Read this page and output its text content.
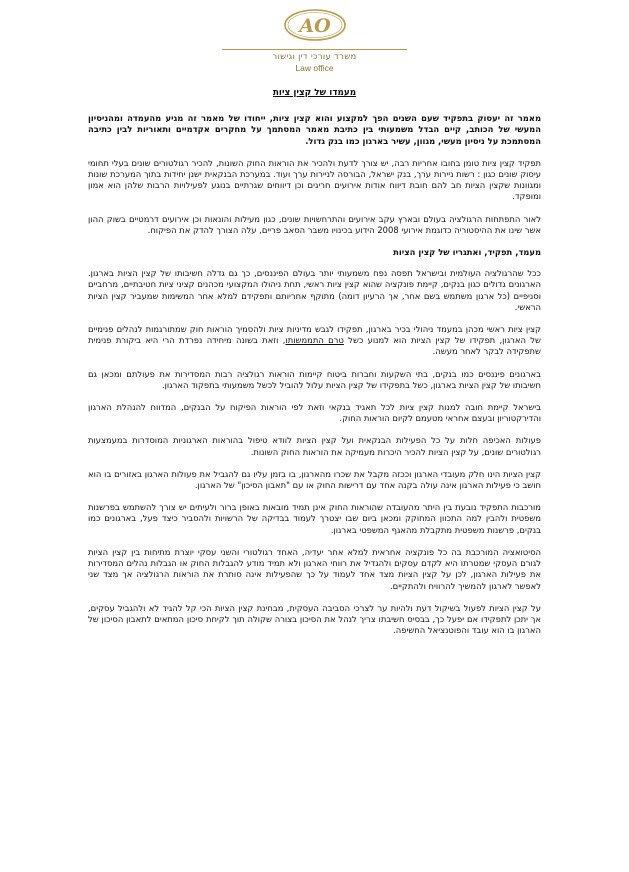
AO
משרד עורכי דין וגישור
Law office
מעמדו של קצין ציות

מאמר זה יעסוק בתפקיד שעם השנים הפך למקצוע והוא קצין ציות, ייחודו של מאמר זה מגיע מהעמדה ומהניסיון המעשי של הכותב, קיים הבדל משמעותי בין כתיבת מאמר המסתמך על מחקרים אקדמיים ותאוריות לבין כתיבה המסתמכת על ניסיון מעשי, מגוון, עשיר בארגון כמו בנק גדול.

תפקיד קצין ציות טומן בחובו אחריות רבה, יש צורך לדעת ולהכיר את הוראות החוק השונות, להכיר רגולטורים שונים בעלי תחומי עיסוק שונים כגון : רשות ניירות ערך, בנק ישראל, הבורסה לניירות ערך ועוד. במערכת הבנקאית ישנן יחידות בתוך המערכת שונות ומגוונות שקצין הציות חב להם חובת דיווח אודות אירועים חריגים וכן דיווחים שגרתיים בנוגע לפעילויות הרבות שלהן הוא אמון ומופקד.

לאור התפתחות הרגולציה בעולם ובארץ עקב אירועים והתרחשויות שונים, כגון מעילות והונאות וכן אירועים דרמטיים בשוק ההון אשר שינו את ההיסטוריה כדוגמת אירועי 2008 הידוע בכינויו משבר הסאב פריים, עלה הצורך להדק את הפיקוח.

מעמד, תפקיד, ואתגריו של קצין הציות

ככל שהרגולציה העולמית ובישראל תפסה נפח משמעותי יותר בעולם הפיננסים, כך גם גדלה חשיבותו של קצין הציות בארגון. הארגונים גדולים כגון בנקים, קיימת פונקציה שהוא קצין ציות ראשי, תחת ניהולו המקצועי מכהנים קציני ציות חטיבתיים, מרחביים וסניפיים (כל ארגון משתמש בשם אחר, אך הרעיון דומה) מתוקף אחריותם ותפקידם למלא אחר המשימות שמעביר קצין הציות הראשי.

קצין ציות ראשי מכהן במעמד ניהולי בכיר בארגון, תפקידו לגבש מדיניות ציות ולהסמיך הוראות חוק שמתורגמות לנהלים פנימיים של הארגון, תפקידו של קצין הציות הוא למנוע כשל טרם התממשותו, וזאת בשונה מיחידה נפרדת הרי היא ביקורת פנימית שתפקידה לבקר לאחר מעשה.

בארגונים פיננסים כמו בנקים, בתי השקעות וחברות ביטוח קיימות הוראות רגולציה רבות המסדירות את פעולתם ומכאן גם חשיבותו של קצין הציות בארגון, כשל בתפקידו של קצין הציות עלול להוביל לכשל משמעותי בתפקוד הארגון.

בישראל קיימת חובה למנות קצין ציות לכל תאגיד בנקאי וזאת לפי הוראות הפיקוח על הבנקים, המדווח להנהלת הארגון והדירקטוריון ובעצם אחראי מטעמם לקיום הוראות החוק.

פעולות האכיפה חלות על כל הפעילות הבנקאית ועל קצין הציות לוודא טיפול בהוראות הארגוניות המוסדרות במעמצעות רגולטורים שונים, על קצין הציות להכיר היכרות מעמיקה את הוראות החוק השונות.

קצין הציות הינו חלק מעובדי הארגון וככזה מקבל את שכרו מהארגון, בו בזמן עליו גם להגביל את פעולות הארגון באזורים בו הוא חושב כי פעילות הארגון אינה עולה בקנה אחד עם דרישות החוק או עם "תאבון הסיכון" של הארגון.

מורכבות התפקיד נובעת בין היתר מהעובדה שהוראות החוק אינן תמיד מובאות באופן ברור ולעיתים יש צורך להשתמש בפרשנות משפטית ולהבין למה התכוון המחוקק ומכאן ביום שבו יצטרך לעמוד בבדיקה של הרשויות ולהסביר כיצד פעל, בארגונים כמו בנקים, פרשנות משפטית מתקבלת מהאגף המשפטי בארגון.

הסיטואציה המורכבת בה כל פונקציה אחראית למלא אחר יעדיה, האחד רגולטורי והשני עסקי יוצרת מתיחות בין קצין הציות לגורם העסקי שמטרתו היא לקדם עסקים ולהגדיל את רווחי הארגון ולא תמיד מודע להגבלות החוק או הגבלות נהלים המסדירות את פעילות הארגון, לכן על קצין הציות מצד אחד לעמוד על כך שהפעילות אינה סותרת את הוראות הרגולציה אך מצד שני לאפשר לארגון להמשיך להרוויח ולהתקיים.

על קצין הציות לפעול בשיקול דעת ולהיות ער לצרכי הסביבה העסקית, מבחינת קצין הציות הכי קל להגיד לא ולהגביל עסקים, אך יתכן לתפקידו אם יפעל כך, בבסיס חשיבתו צריך לנהל את הסיכון בצורה שקולה תוך לקיחת סיכון המתאים לתאבון הסיכון של הארגון בו הוא עובד והפוטנציאל החשיפה.
